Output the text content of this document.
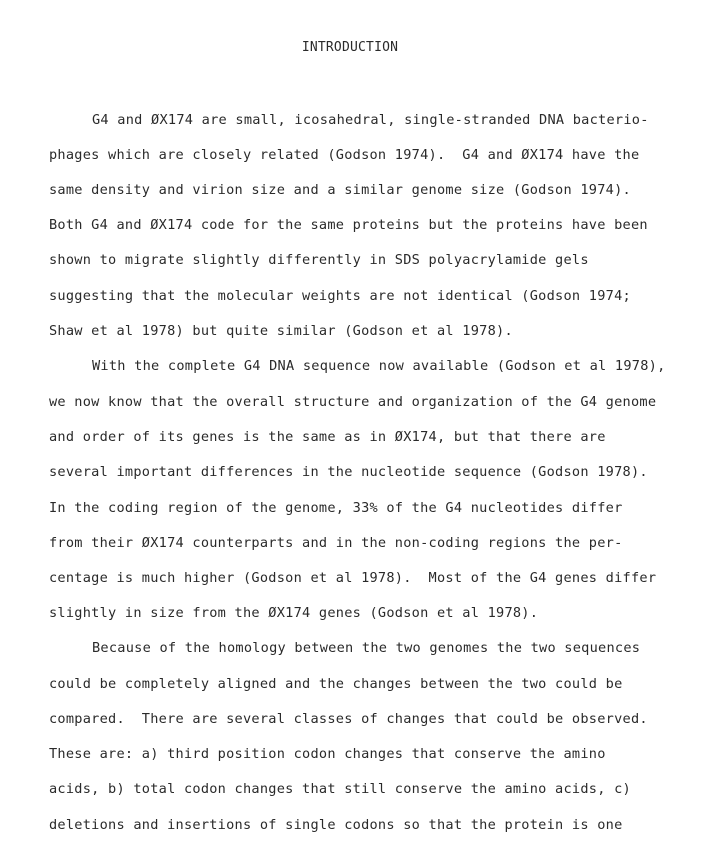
INTRODUCTION
G4 and ØX174 are small, icosahedral, single-stranded DNA bacterio-
phages which are closely related (Godson 1974).  G4 and ØX174 have the
same density and virion size and a similar genome size (Godson 1974).
Both G4 and ØX174 code for the same proteins but the proteins have been
shown to migrate slightly differently in SDS polyacrylamide gels
suggesting that the molecular weights are not identical (Godson 1974;
Shaw et al 1978) but quite similar (Godson et al 1978).
With the complete G4 DNA sequence now available (Godson et al 1978),
we now know that the overall structure and organization of the G4 genome
and order of its genes is the same as in ØX174, but that there are
several important differences in the nucleotide sequence (Godson 1978).
In the coding region of the genome, 33% of the G4 nucleotides differ
from their ØX174 counterparts and in the non-coding regions the per-
centage is much higher (Godson et al 1978).  Most of the G4 genes differ
slightly in size from the ØX174 genes (Godson et al 1978).
Because of the homology between the two genomes the two sequences
could be completely aligned and the changes between the two could be
compared.  There are several classes of changes that could be observed.
These are: a) third position codon changes that conserve the amino
acids, b) total codon changes that still conserve the amino acids, c)
deletions and insertions of single codons so that the protein is one
